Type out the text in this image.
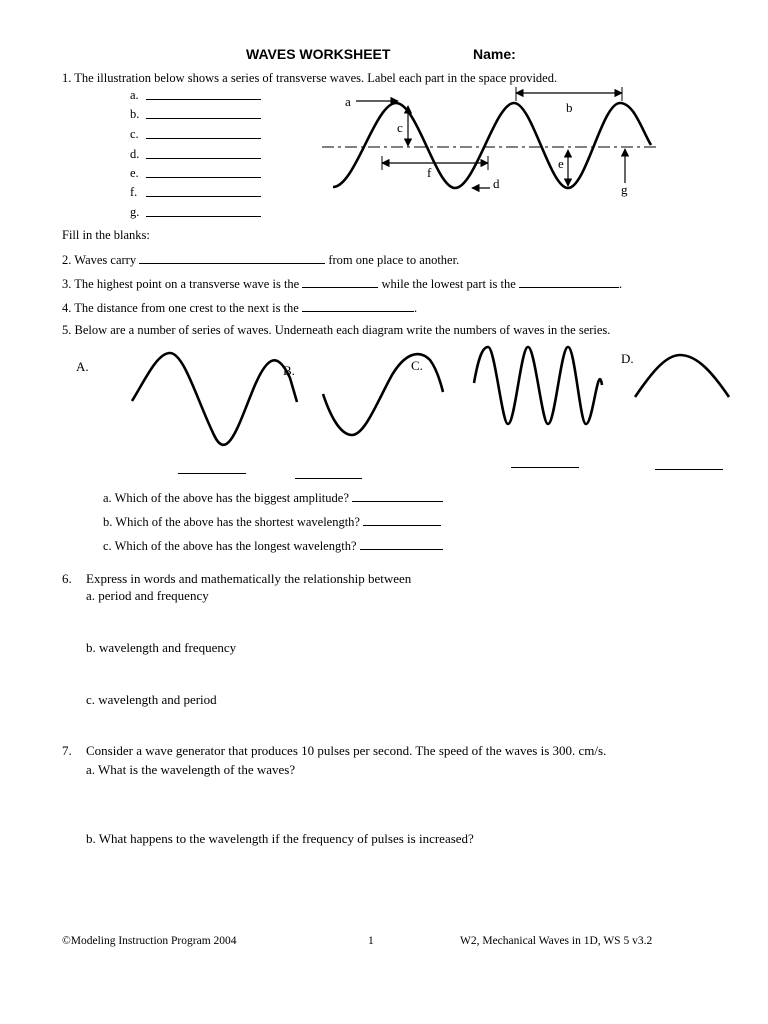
WAVES WORKSHEET	Name:
1. The illustration below shows a series of transverse waves. Label each part in the space provided.
a.
b.
c.
d.
e.
f.
g.
a	b
c
d
e
f
g
Fill in the blanks:
2. Waves carry	from one place to another.
3. The highest point on a transverse wave is the	while the lowest part is the	.
4. The distance from one crest to the next is the	.
5. Below are a number of series of waves. Underneath each diagram write the numbers of waves in the series.
A.	B.	C.	D.
a. Which of the above has the biggest amplitude?
b. Which of the above has the shortest wavelength?
c. Which of the above has the longest wavelength?
6. Express in words and mathematically the relationship between
a. period and frequency
b. wavelength and frequency
c. wavelength and period
7. Consider a wave generator that produces 10 pulses per second. The speed of the waves is 300. cm/s.
a. What is the wavelength of the waves?
b. What happens to the wavelength if the frequency of pulses is increased?
©Modeling Instruction Program 2004	1	W2, Mechanical Waves in 1D, WS 5 v3.2
